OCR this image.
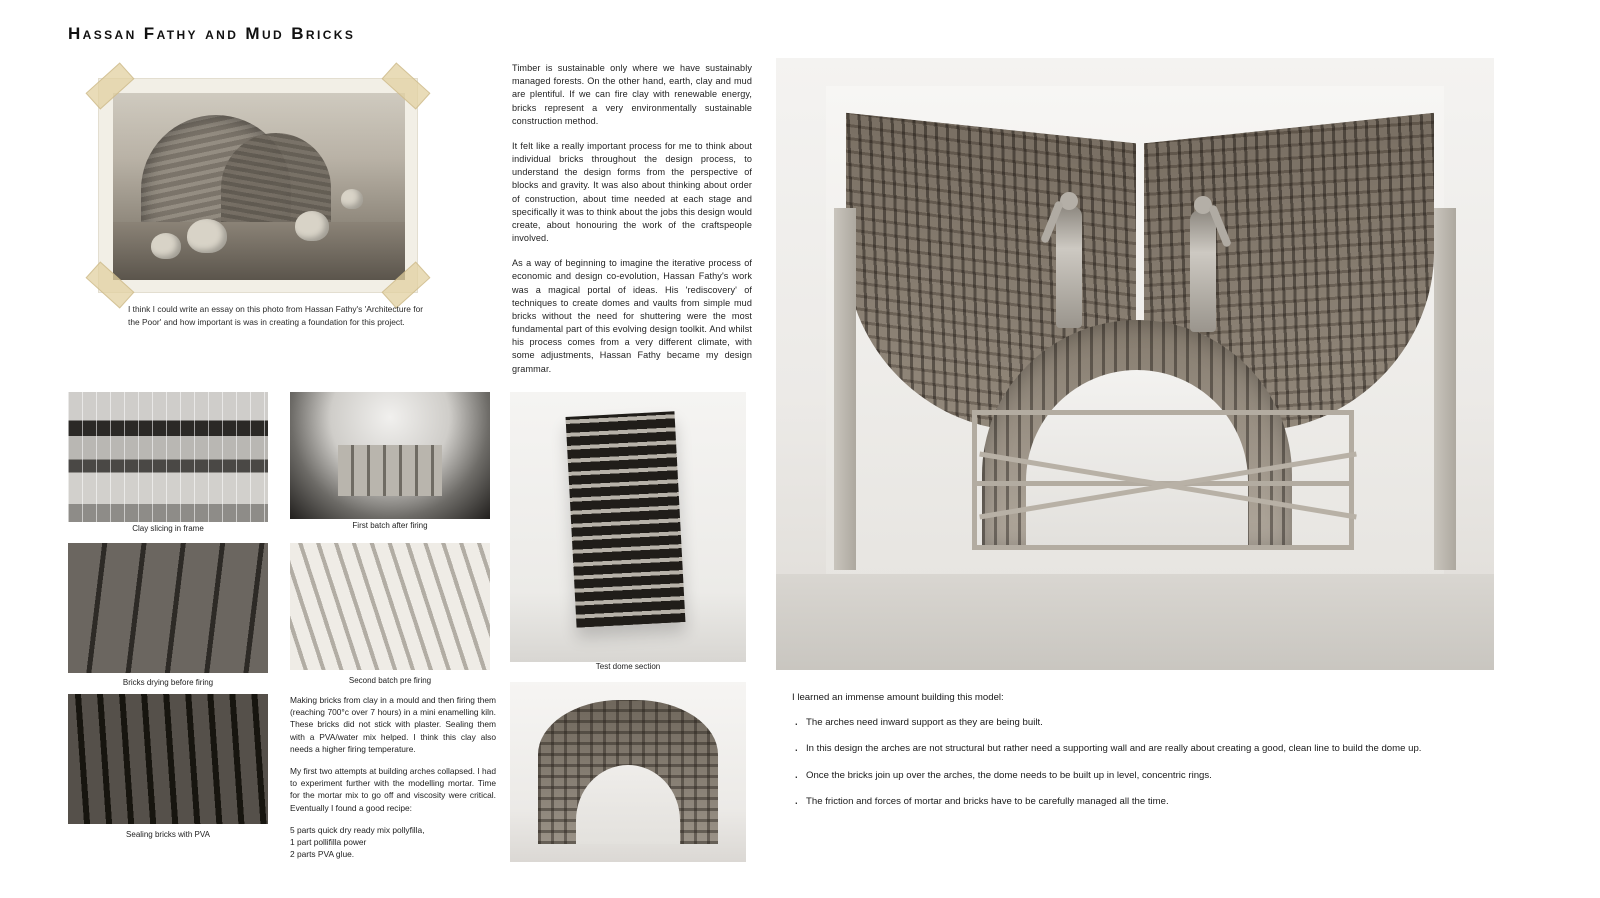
Hassan Fathy and Mud Bricks
I think I could write an essay on this photo from Hassan Fathy's 'Architecture for the Poor' and how important is was in creating a foundation for this project.

Timber is sustainable only where we have sustainably managed forests. On the other hand, earth, clay and mud are plentiful. If we can fire clay with renewable energy, bricks represent a very environmentally sustainable construction method.

It felt like a really important process for me to think about individual bricks throughout the design process, to understand the design forms from the perspective of blocks and gravity. It was also about thinking about order of construction, about time needed at each stage and specifically it was to think about the jobs this design would create, about honouring the work of the craftspeople involved.

As a way of beginning to imagine the iterative process of economic and design co-evolution, Hassan Fathy's work was a magical portal of ideas. His 'rediscovery' of techniques to create domes and vaults from simple mud bricks without the need for shuttering were the most fundamental part of this evolving design toolkit. And whilst his process comes from a very different climate, with some adjustments, Hassan Fathy became my design grammar.

Clay slicing in frame
Bricks drying before firing
Sealing bricks with PVA
First batch after firing
Second batch pre firing

Making bricks from clay in a mould and then firing them (reaching 700°c over 7 hours) in a mini enamelling kiln. These bricks did not stick with plaster. Sealing them with a PVA/water mix helped. I think this clay also needs a higher firing temperature.

My first two attempts at building arches collapsed. I had to experiment further with the modelling mortar. Time for the mortar mix to go off and viscosity were critical. Eventually I found a good recipe:

5 parts quick dry ready mix pollyfilla,
1 part pollifilla power
2 parts PVA glue.
Test dome section
I learned an immense amount building this model:
· The arches need inward support as they are being built.
· In this design the arches are not structural but rather need a supporting wall and are really about creating a good, clean line to build the dome up.
· Once the bricks join up over the arches, the dome needs to be built up in level, concentric rings.
· The friction and forces of mortar and bricks have to be carefully managed all the time.
